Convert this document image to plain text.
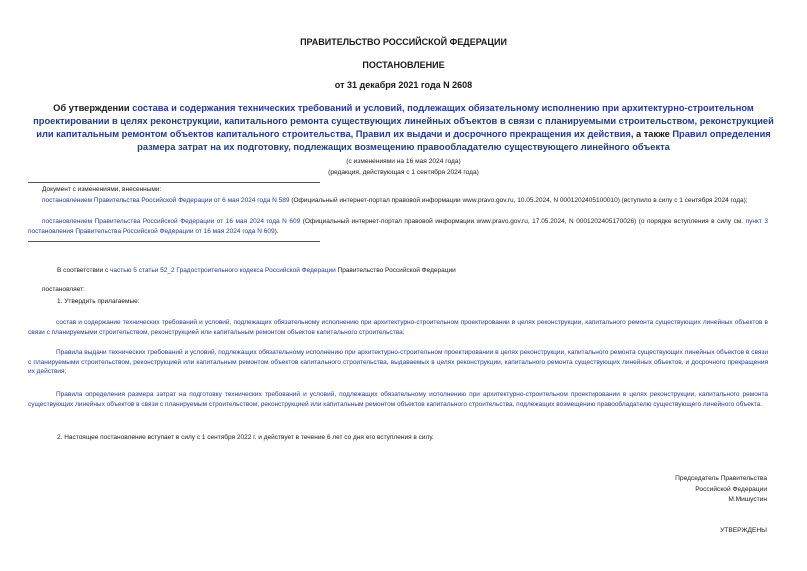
ПРАВИТЕЛЬСТВО РОССИЙСКОЙ ФЕДЕРАЦИИ
ПОСТАНОВЛЕНИЕ
от 31 декабря 2021 года N 2608
Об утверждении состава и содержания технических требований и условий, подлежащих обязательному исполнению при архитектурно-строительном проектировании в целях реконструкции, капитального ремонта существующих линейных объектов в связи с планируемыми строительством, реконструкцией или капитальным ремонтом объектов капитального строительства, Правил их выдачи и досрочного прекращения их действия, а также Правил определения размера затрат на их подготовку, подлежащих возмещению правообладателю существующего линейного объекта
(с изменениями на 16 мая 2024 года)
(редакция, действующая с 1 сентября 2024 года)
Документ с изменениями, внесенными:
постановлением Правительства Российской Федерации от 6 мая 2024 года N 589 (Официальный интернет-портал правовой информации www.pravo.gov.ru, 10.05.2024, N 0001202405100010) (вступило в силу с 1 сентября 2024 года);
постановлением Правительства Российской Федерации от 16 мая 2024 года N 609 (Официальный интернет-портал правовой информации www.pravo.gov.ru, 17.05.2024, N 0001202405170026) (о порядке вступления в силу см. пункт 3 постановления Правительства Российской Федерации от 16 мая 2024 года N 609).
В соответствии с частью 5 статьи 52_2 Градостроительного кодекса Российской Федерации Правительство Российской Федерации
постановляет:
1. Утвердить прилагаемые:
состав и содержание технических требований и условий, подлежащих обязательному исполнению при архитектурно-строительном проектировании в целях реконструкции, капитального ремонта существующих линейных объектов в связи с планируемыми строительством, реконструкцией или капитальным ремонтом объектов капитального строительства;
Правила выдачи технических требований и условий, подлежащих обязательному исполнению при архитектурно-строительном проектировании в целях реконструкции, капитального ремонта существующих линейных объектов в связи с планируемыми строительством, реконструкцией или капитальным ремонтом объектов капитального строительства, выдаваемых в целях реконструкции, капитального ремонта существующих линейных объектов, и досрочного прекращения их действия;
Правила определения размера затрат на подготовку технических требований и условий, подлежащих обязательному исполнению при архитектурно-строительном проектировании в целях реконструкции, капитального ремонта существующих линейных объектов в связи с планируемым строительством, реконструкцией или капитальным ремонтом объектов капитального строительства, подлежащих возмещению правообладателю существующего линейного объекта.
2. Настоящее постановление вступает в силу с 1 сентября 2022 г. и действует в течение 6 лет со дня его вступления в силу.
Председатель Правительства
Российской Федерации
М.Мишустин
УТВЕРЖДЕНЫ
